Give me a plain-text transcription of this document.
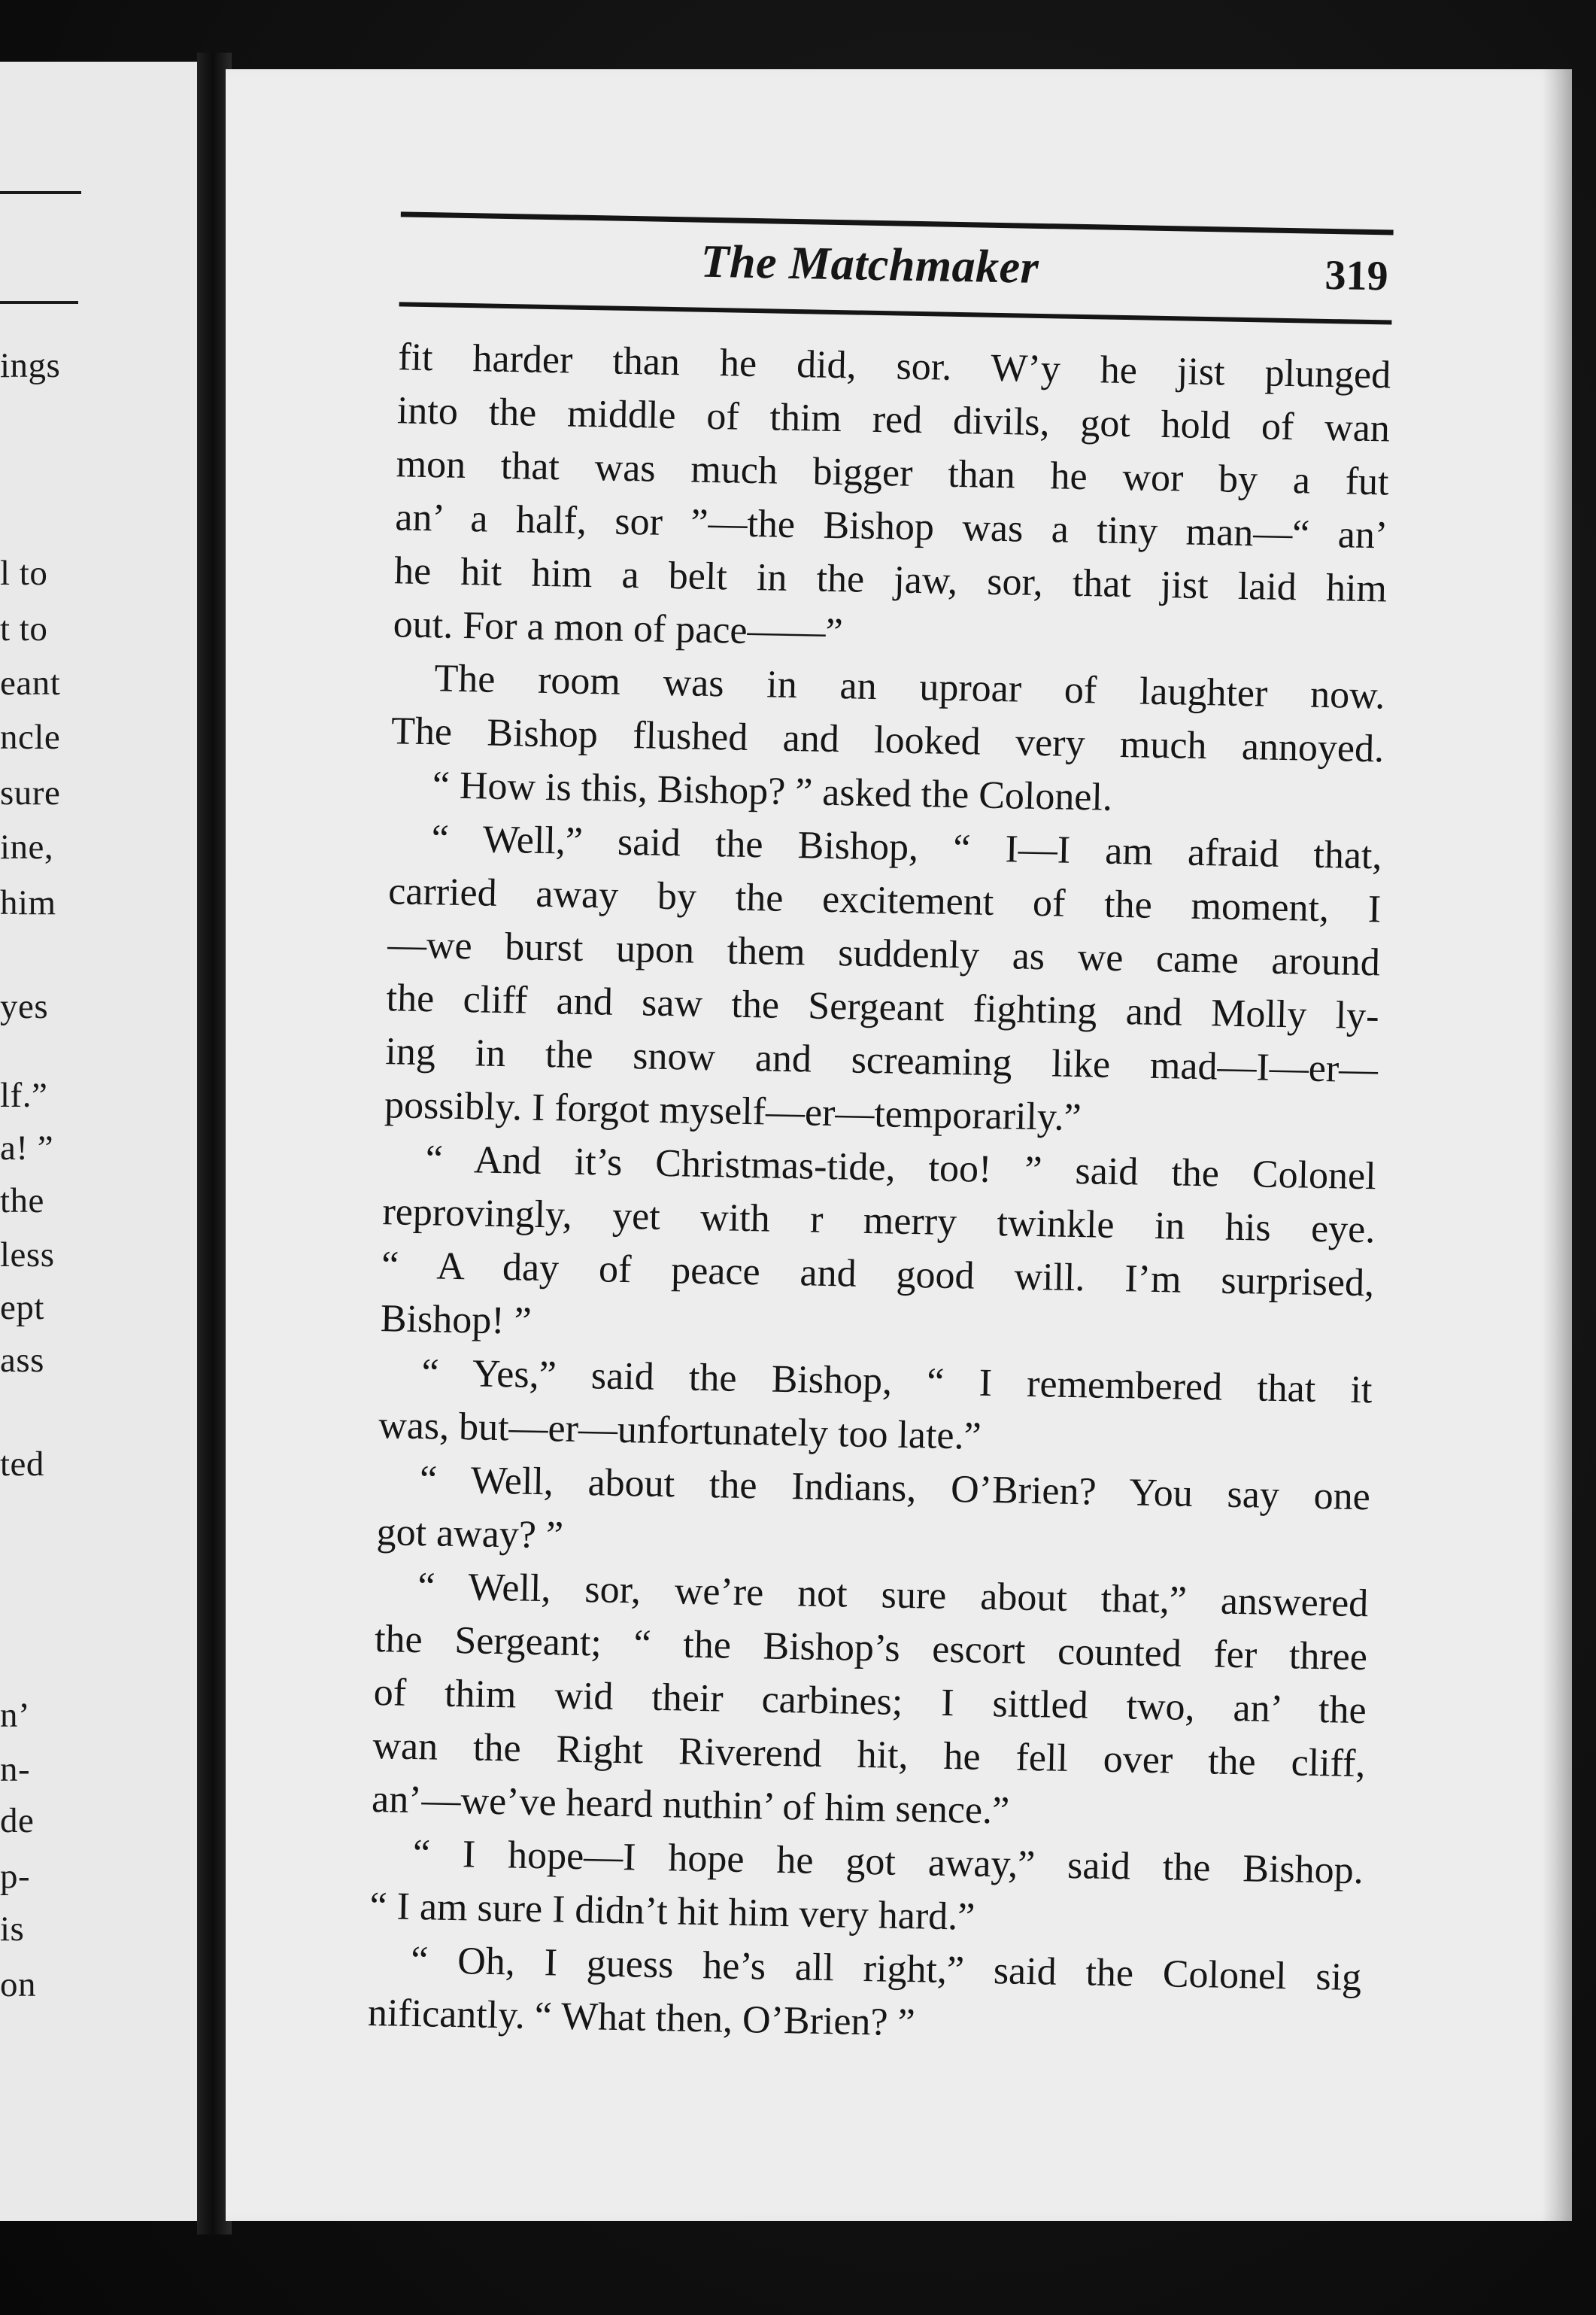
ings
l to
t to
eant
ncle
sure
ine,
him
yes
lf.”
a! ”
the
less
ept
ass
ted
n’
n-
de
p-
is
on
The Matchmaker	319
fit harder than he did, sor. W’y he jist plunged
into the middle of thim red divils, got hold of wan
mon that was much bigger than he wor by a fut
an’ a half, sor ”—the Bishop was a tiny man—“ an’
he hit him a belt in the jaw, sor, that jist laid him
out. For a mon of pace——”
The room was in an uproar of laughter now.
The Bishop flushed and looked very much annoyed.
“ How is this, Bishop? ” asked the Colonel.
“ Well,” said the Bishop, “ I—I am afraid that,
carried away by the excitement of the moment, I
—we burst upon them suddenly as we came around
the cliff and saw the Sergeant fighting and Molly ly-
ing in the snow and screaming like mad—I—er—
possibly. I forgot myself—er—temporarily.”
“ And it’s Christmas-tide, too! ” said the Colonel
reprovingly, yet with r merry twinkle in his eye.
“ A day of peace and good will. I’m surprised,
Bishop! ”
“ Yes,” said the Bishop, “ I remembered that it
was, but—er—unfortunately too late.”
“ Well, about the Indians, O’Brien? You say one
got away? ”
“ Well, sor, we’re not sure about that,” answered
the Sergeant; “ the Bishop’s escort counted fer three
of thim wid their carbines; I sittled two, an’ the
wan the Right Riverend hit, he fell over the cliff,
an’—we’ve heard nuthin’ of him sence.”
“ I hope—I hope he got away,” said the Bishop.
“ I am sure I didn’t hit him very hard.”
“ Oh, I guess he’s all right,” said the Colonel sig
nificantly. “ What then, O’Brien? ”
